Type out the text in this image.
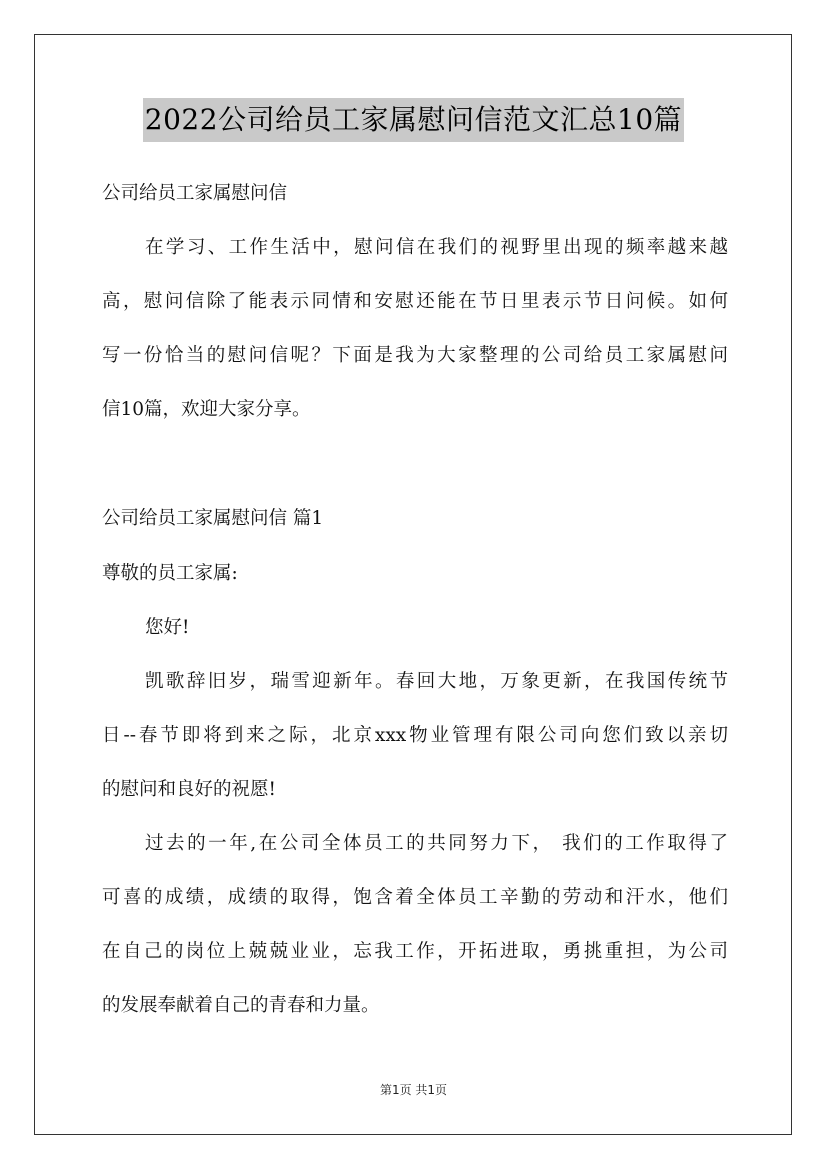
2022公司给员工家属慰问信范文汇总10篇
公司给员工家属慰问信
在学习、工作生活中，慰问信在我们的视野里出现的频率越来越
高，慰问信除了能表示同情和安慰还能在节日里表示节日问候。如何
写一份恰当的慰问信呢？下面是我为大家整理的公司给员工家属慰问
信10篇，欢迎大家分享。
公司给员工家属慰问信 篇1
尊敬的员工家属:
您好!
凯歌辞旧岁，瑞雪迎新年。春回大地，万象更新，在我国传统节
日--春节即将到来之际，北京xxx物业管理有限公司向您们致以亲切
的慰问和良好的祝愿!
过去的一年,在公司全体员工的共同努力下， 我们的工作取得了
可喜的成绩，成绩的取得，饱含着全体员工辛勤的劳动和汗水，他们
在自己的岗位上兢兢业业，忘我工作，开拓进取，勇挑重担，为公司
的发展奉献着自己的青春和力量。
第1页 共1页
